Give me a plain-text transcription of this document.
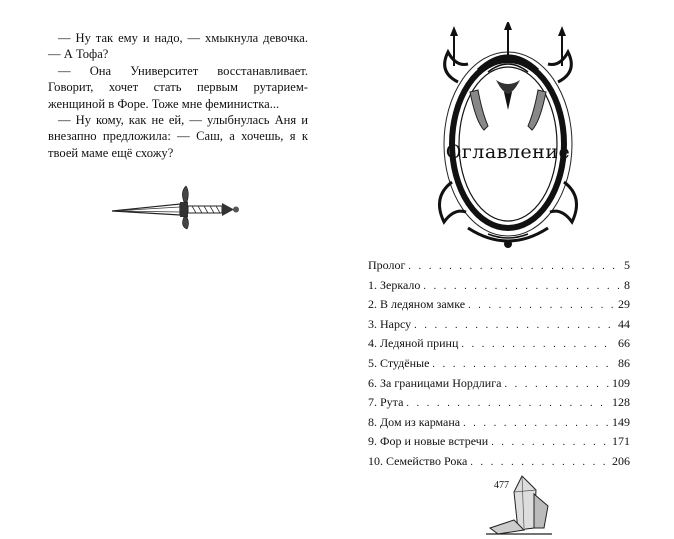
— Ну так ему и надо, — хмыкнула девочка. — А Тофа?

— Она Университет восстанавливает. Говорит, хочет стать первым рутарием-женщиной в Форе. Тоже мне феминистка...

— Ну кому, как не ей, — улыбнулась Аня и внезапно предложила: — Саш, а хочешь, я к твоей маме ещё схожу?	Оглавление
Пролог . . .	5
1. Зеркало . . .	8
2. В ледяном замке . . .	29
3. Нарсу . . .	44
4. Ледяной принц . . .	66
5. Студёные . . .	86
6. За границами Нордлига . . .	109
7. Рута . . .	128
8. Дом из кармана . . .	149
9. Фор и новые встречи . . .	171
10. Семейство Рока . . .	206
477
